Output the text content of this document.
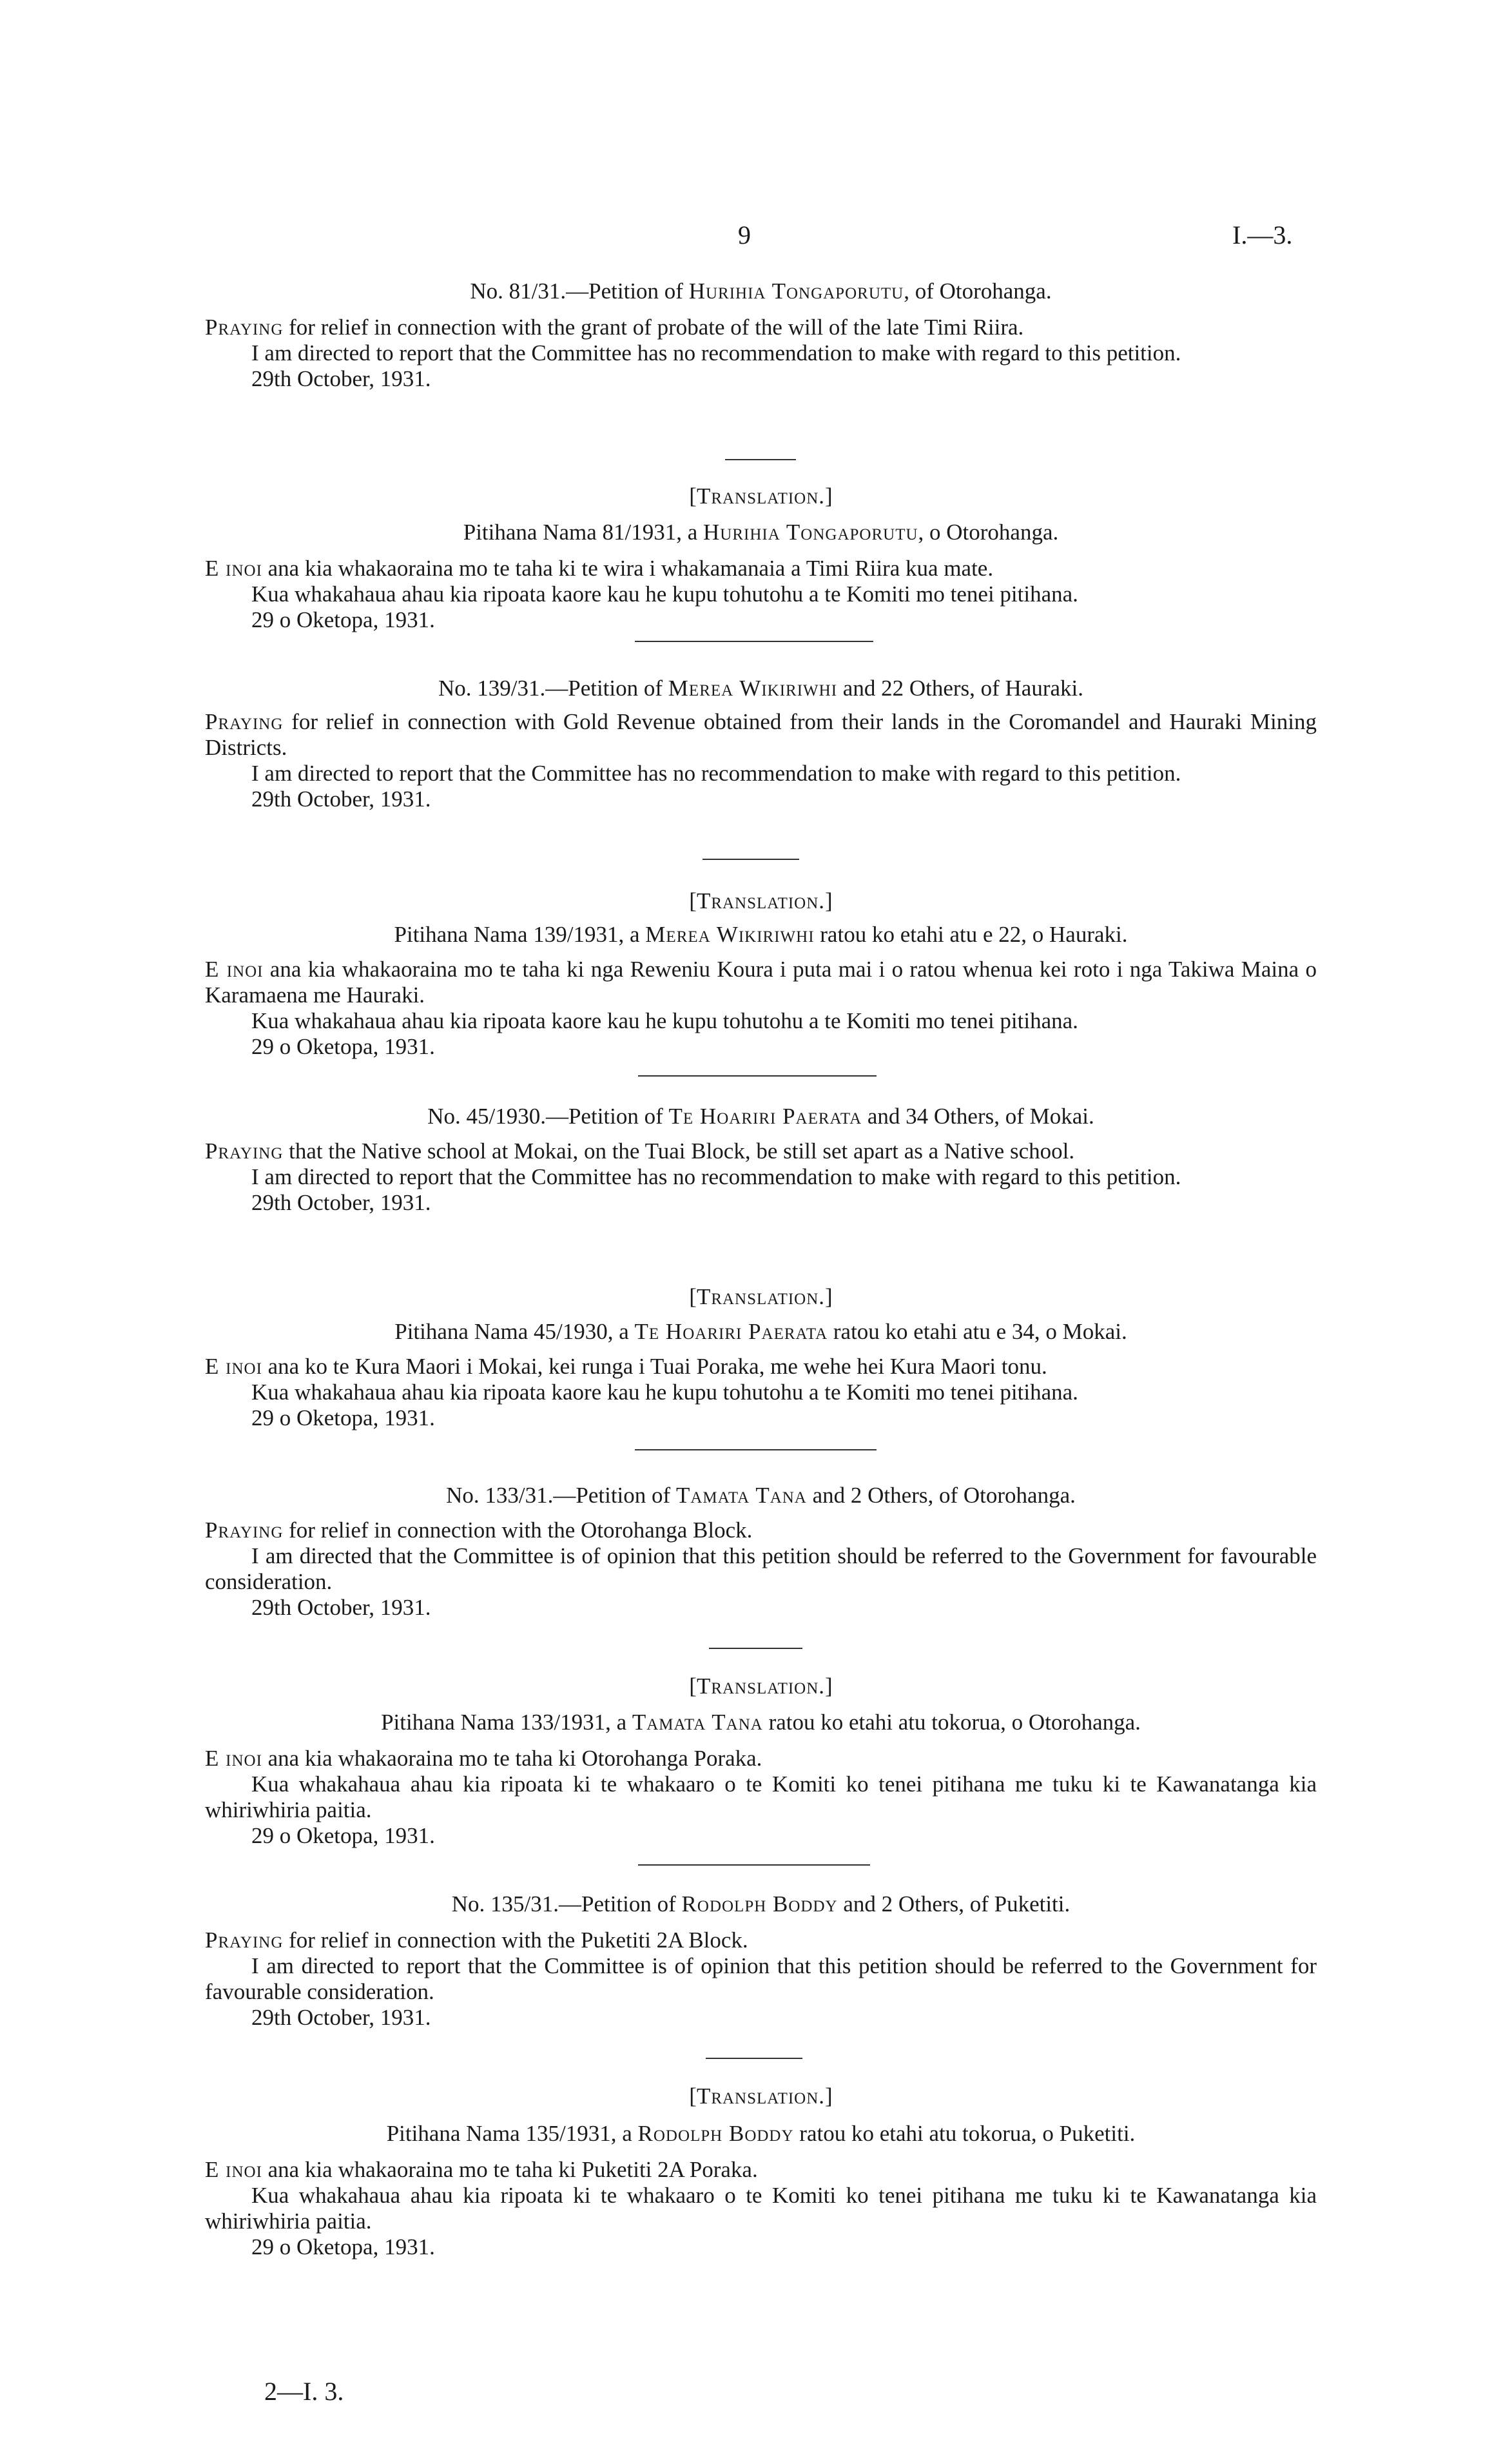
9	I.—3.
No. 81/31.—Petition of Hurihia Tongaporutu, of Otorohanga.

Praying for relief in connection with the grant of probate of the will of the late Timi Riira.

I am directed to report that the Committee has no recommendation to make with regard to this petition.

29th October, 1931.

[Translation.]
Pitihana Nama 81/1931, a Hurihia Tongaporutu, o Otorohanga.

E inoi ana kia whakaoraina mo te taha ki te wira i whakamanaia a Timi Riira kua mate.

Kua whakahaua ahau kia ripoata kaore kau he kupu tohutohu a te Komiti mo tenei pitihana.

29 o Oketopa, 1931.

No. 139/31.—Petition of Merea Wikiriwhi and 22 Others, of Hauraki.

Praying for relief in connection with Gold Revenue obtained from their lands in the Coromandel and Hauraki Mining Districts.

I am directed to report that the Committee has no recommendation to make with regard to this petition.

29th October, 1931.

[Translation.]
Pitihana Nama 139/1931, a Merea Wikiriwhi ratou ko etahi atu e 22, o Hauraki.

E inoi ana kia whakaoraina mo te taha ki nga Reweniu Koura i puta mai i o ratou whenua kei roto i nga Takiwa Maina o Karamaena me Hauraki.

Kua whakahaua ahau kia ripoata kaore kau he kupu tohutohu a te Komiti mo tenei pitihana.

29 o Oketopa, 1931.

No. 45/1930.—Petition of Te Hoariri Paerata and 34 Others, of Mokai.

Praying that the Native school at Mokai, on the Tuai Block, be still set apart as a Native school.

I am directed to report that the Committee has no recommendation to make with regard to this petition.

29th October, 1931.

[Translation.]
Pitihana Nama 45/1930, a Te Hoariri Paerata ratou ko etahi atu e 34, o Mokai.

E inoi ana ko te Kura Maori i Mokai, kei runga i Tuai Poraka, me wehe hei Kura Maori tonu.

Kua whakahaua ahau kia ripoata kaore kau he kupu tohutohu a te Komiti mo tenei pitihana.

29 o Oketopa, 1931.

No. 133/31.—Petition of Tamata Tana and 2 Others, of Otorohanga.

Praying for relief in connection with the Otorohanga Block.

I am directed that the Committee is of opinion that this petition should be referred to the Government for favourable consideration.

29th October, 1931.

[Translation.]
Pitihana Nama 133/1931, a Tamata Tana ratou ko etahi atu tokorua, o Otorohanga.

E inoi ana kia whakaoraina mo te taha ki Otorohanga Poraka.

Kua whakahaua ahau kia ripoata ki te whakaaro o te Komiti ko tenei pitihana me tuku ki te Kawanatanga kia whiriwhiria paitia.

29 o Oketopa, 1931.

No. 135/31.—Petition of Rodolph Boddy and 2 Others, of Puketiti.

Praying for relief in connection with the Puketiti 2A Block.

I am directed to report that the Committee is of opinion that this petition should be referred to the Government for favourable consideration.

29th October, 1931.

[Translation.]
Pitihana Nama 135/1931, a Rodolph Boddy ratou ko etahi atu tokorua, o Puketiti.

E inoi ana kia whakaoraina mo te taha ki Puketiti 2A Poraka.

Kua whakahaua ahau kia ripoata ki te whakaaro o te Komiti ko tenei pitihana me tuku ki te Kawanatanga kia whiriwhiria paitia.

29 o Oketopa, 1931.

2—I. 3.
